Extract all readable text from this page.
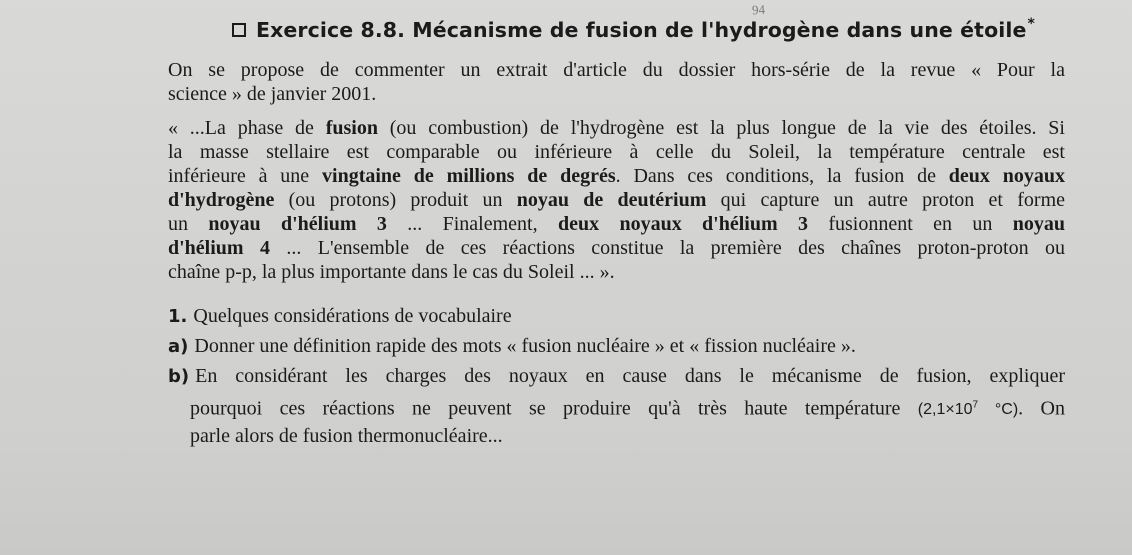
94
Exercice 8.8. Mécanisme de fusion de l'hydrogène dans une étoile *
On se propose de commenter un extrait d'article du dossier hors-série de la revue « Pour la
science » de janvier 2001.
« ...La phase de fusion (ou combustion) de l'hydrogène est la plus longue de la vie des étoiles. Si
la masse stellaire est comparable ou inférieure à celle du Soleil, la température centrale est
inférieure à une vingtaine de millions de degrés. Dans ces conditions, la fusion de deux noyaux
d'hydrogène (ou protons) produit un noyau de deutérium qui capture un autre proton et forme
un noyau d'hélium 3 ... Finalement, deux noyaux d'hélium 3 fusionnent en un noyau
d'hélium 4 ... L'ensemble de ces réactions constitue la première des chaînes proton-proton ou
chaîne p-p, la plus importante dans le cas du Soleil ... ».
1. Quelques considérations de vocabulaire
a) Donner une définition rapide des mots « fusion nucléaire » et « fission nucléaire ».
b) En considérant les charges des noyaux en cause dans le mécanisme de fusion, expliquer
pourquoi ces réactions ne peuvent se produire qu'à très haute température ($2,1\times 10^7$ °C). On
parle alors de fusion thermonucléaire...
